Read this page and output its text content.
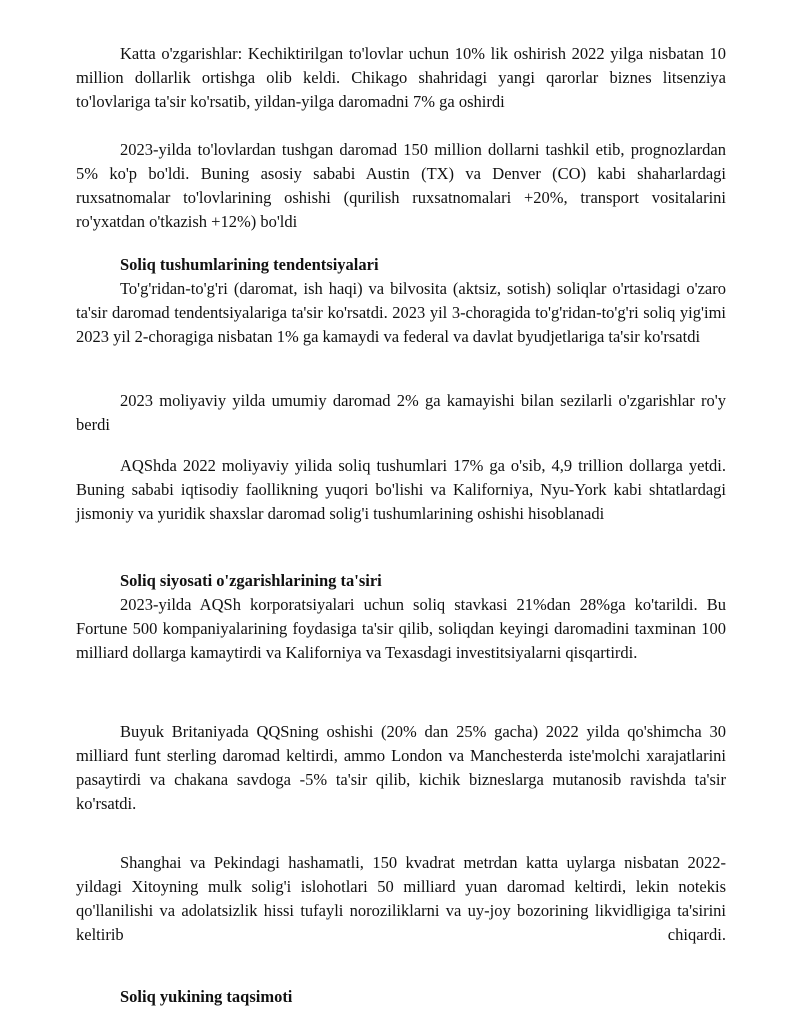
Katta o'zgarishlar: Kechiktirilgan to'lovlar uchun 10% lik oshirish 2022 yilga nisbatan 10 million dollarlik ortishga olib keldi. Chikago shahridagi yangi qarorlar biznes litsenziya to'lovlariga ta'sir ko'rsatib, yildan-yilga daromadni 7% ga oshirdi

2023-yilda to'lovlardan tushgan daromad 150 million dollarni tashkil etib, prognozlardan 5% ko'p bo'ldi. Buning asosiy sababi Austin (TX) va Denver (CO) kabi shaharlardagi ruxsatnomalar to'lovlarining oshishi (qurilish ruxsatnomalari +20%, transport vositalarini ro'yxatdan o'tkazish +12%) bo'ldi

Soliq tushumlarining tendentsiyalari

To'g'ridan-to'g'ri (daromat, ish haqi) va bilvosita (aktsiz, sotish) soliqlar o'rtasidagi o'zaro ta'sir daromad tendentsiyalariga ta'sir ko'rsatdi. 2023 yil 3-choragida to'g'ridan-to'g'ri soliq yig'imi 2023 yil 2-choragiga nisbatan 1% ga kamaydi va federal va davlat byudjetlariga ta'sir ko'rsatdi

2023 moliyaviy yilda umumiy daromad 2% ga kamayishi bilan sezilarli o'zgarishlar ro'y berdi

AQShda 2022 moliyaviy yilida soliq tushumlari 17% ga o'sib, 4,9 trillion dollarga yetdi. Buning sababi iqtisodiy faollikning yuqori bo'lishi va Kaliforniya, Nyu-York kabi shtatlardagi jismoniy va yuridik shaxslar daromad solig'i tushumlarining oshishi hisoblanadi

Soliq siyosati o'zgarishlarining ta'siri

2023-yilda AQSh korporatsiyalari uchun soliq stavkasi 21%dan 28%ga ko'tarildi. Bu Fortune 500 kompaniyalarining foydasiga ta'sir qilib, soliqdan keyingi daromadini taxminan 100 milliard dollarga kamaytirdi va Kaliforniya va Texasdagi investitsiyalarni qisqartirdi.

Buyuk Britaniyada QQSning oshishi (20% dan 25% gacha) 2022 yilda qo'shimcha 30 milliard funt sterling daromad keltirdi, ammo London va Manchesterda iste'molchi xarajatlarini pasaytirdi va chakana savdoga -5% ta'sir qilib, kichik bizneslarga mutanosib ravishda ta'sir ko'rsatdi.

Shanghai va Pekindagi hashamatli, 150 kvadrat metrdan katta uylarga nisbatan 2022-yildagi Xitoyning mulk solig'i islohotlari 50 milliard yuan daromad keltirdi, lekin notekis qo'llanilishi va adolatsizlik hissi tufayli noroziliklarni va uy-joy bozorining likvidligiga ta'sirini keltirib chiqardi.

Soliq yukining taqsimoti
